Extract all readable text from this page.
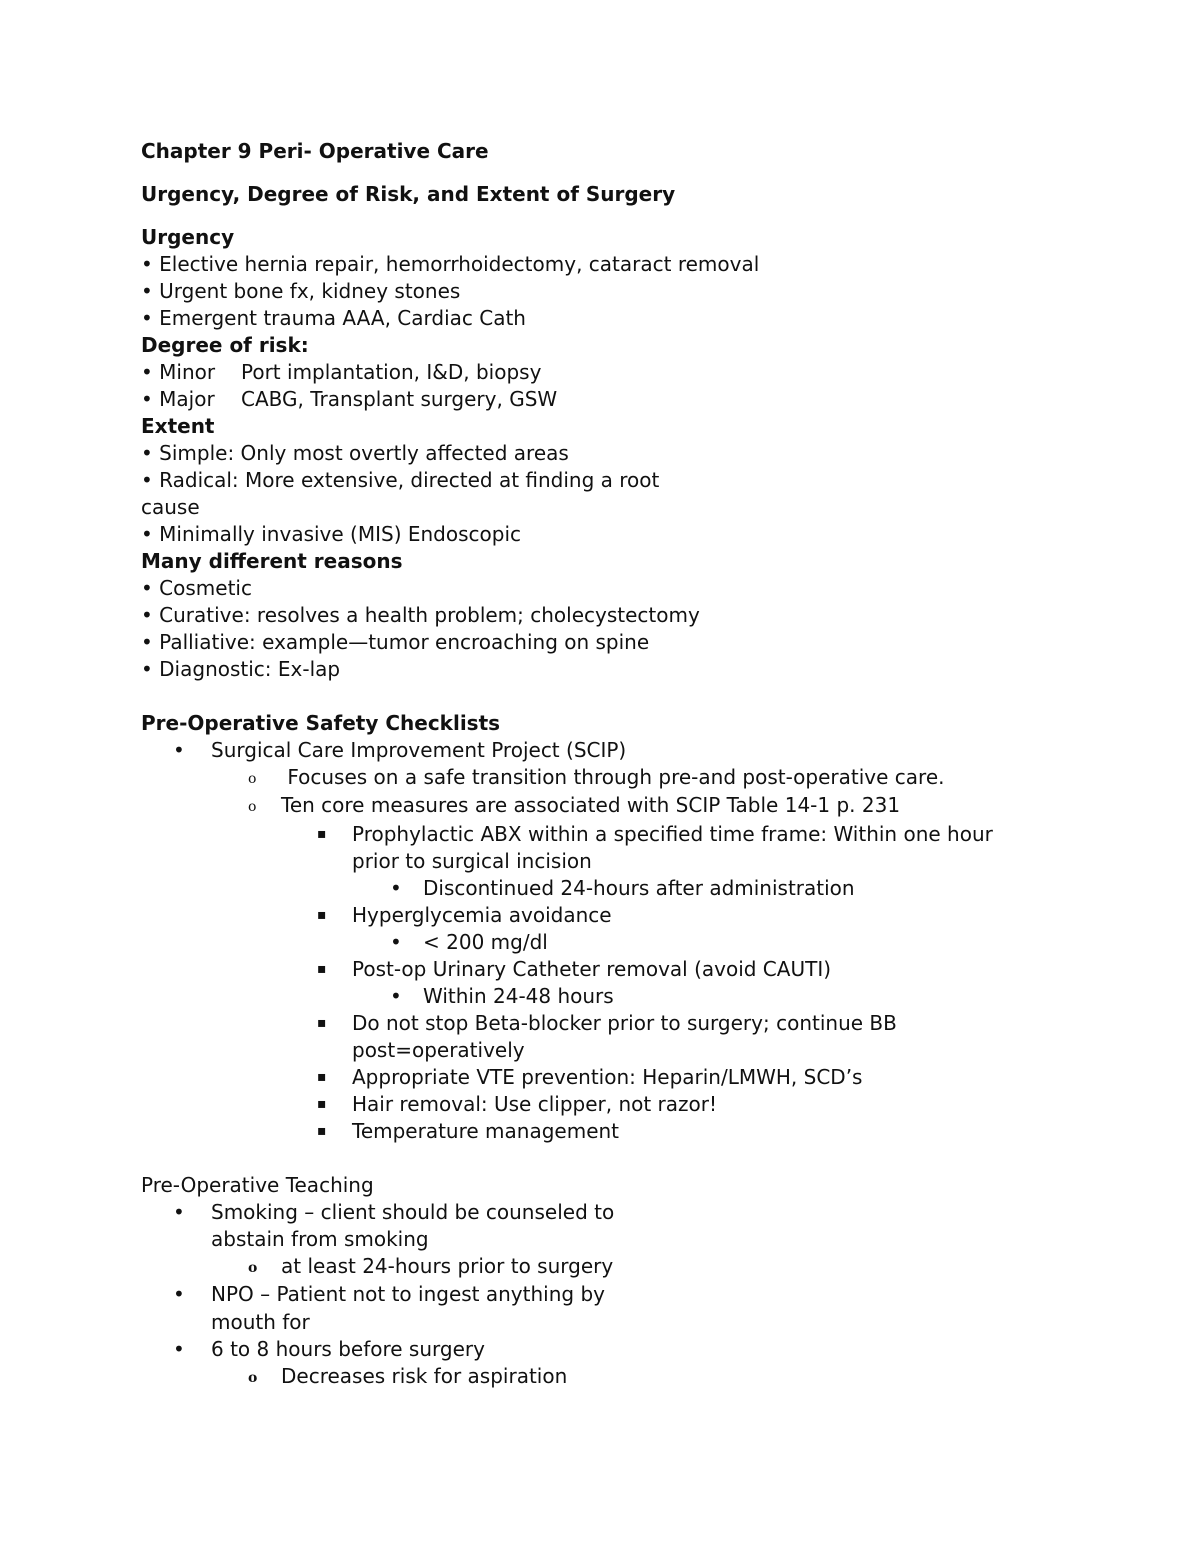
Chapter 9 Peri- Operative Care
Urgency, Degree of Risk, and Extent of Surgery
Urgency
• Elective hernia repair, hemorrhoidectomy, cataract removal
• Urgent bone fx, kidney stones
• Emergent trauma AAA, Cardiac Cath
Degree of risk:
• Minor Port implantation, I&D, biopsy
• Major CABG, Transplant surgery, GSW
Extent
• Simple: Only most overtly affected areas
• Radical: More extensive, directed at finding a root
cause
• Minimally invasive (MIS) Endoscopic
Many different reasons
• Cosmetic
• Curative: resolves a health problem; cholecystectomy
• Palliative: example—tumor encroaching on spine
• Diagnostic: Ex-lap
Pre-Operative Safety Checklists
• Surgical Care Improvement Project (SCIP)
o Focuses on a safe transition through pre-and post-operative care.
o Ten core measures are associated with SCIP Table 14-1 p. 231
▪ Prophylactic ABX within a specified time frame: Within one hour
prior to surgical incision
• Discontinued 24-hours after administration
▪ Hyperglycemia avoidance
• < 200 mg/dl
▪ Post-op Urinary Catheter removal (avoid CAUTI)
• Within 24-48 hours
▪ Do not stop Beta-blocker prior to surgery; continue BB
post=operatively
▪ Appropriate VTE prevention: Heparin/LMWH, SCD’s
▪ Hair removal: Use clipper, not razor!
▪ Temperature management
Pre-Operative Teaching
• Smoking – client should be counseled to
abstain from smoking
o at least 24-hours prior to surgery
• NPO – Patient not to ingest anything by
mouth for
• 6 to 8 hours before surgery
o Decreases risk for aspiration
